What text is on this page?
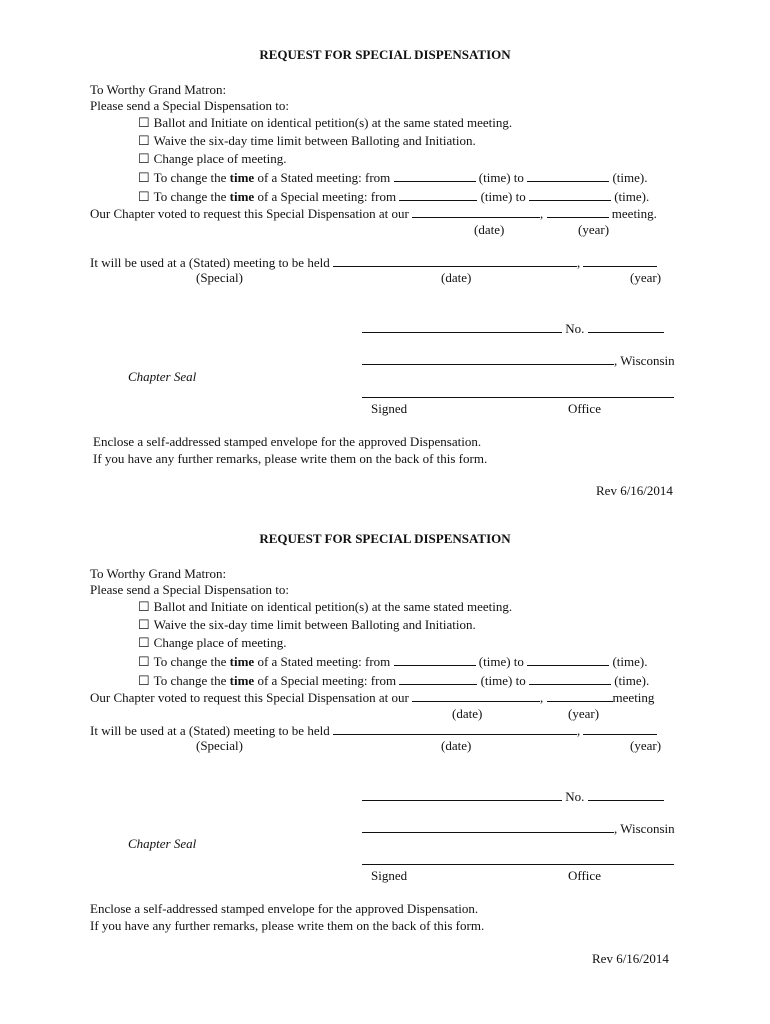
REQUEST FOR SPECIAL DISPENSATION
To Worthy Grand Matron:
Please send a Special Dispensation to:
☐ Ballot and Initiate on identical petition(s) at the same stated meeting.
☐ Waive the six-day time limit between Balloting and Initiation.
☐ Change place of meeting.
☐ To change the time of a Stated meeting: from	(time) to	(time).
☐ To change the time of a Special meeting: from	(time) to	(time).
Our Chapter voted to request this Special Dispensation at our	,	meeting.
(date)	(year)
It will be used at a (Stated) meeting to be held	,
(Special)	(date)	(year)
No.
, Wisconsin
Chapter Seal
Signed	Office
Enclose a self-addressed stamped envelope for the approved Dispensation.
If you have any further remarks, please write them on the back of this form.
Rev 6/16/2014
REQUEST FOR SPECIAL DISPENSATION
To Worthy Grand Matron:
Please send a Special Dispensation to:
☐ Ballot and Initiate on identical petition(s) at the same stated meeting.
☐ Waive the six-day time limit between Balloting and Initiation.
☐ Change place of meeting.
☐ To change the time of a Stated meeting: from	(time) to	(time).
☐ To change the time of a Special meeting: from	(time) to	(time).
Our Chapter voted to request this Special Dispensation at our	,	meeting
(date)	(year)
It will be used at a (Stated) meeting to be held	,
(Special)	(date)	(year)
No.
, Wisconsin
Chapter Seal
Signed	Office
Enclose a self-addressed stamped envelope for the approved Dispensation.
If you have any further remarks, please write them on the back of this form.
Rev 6/16/2014
